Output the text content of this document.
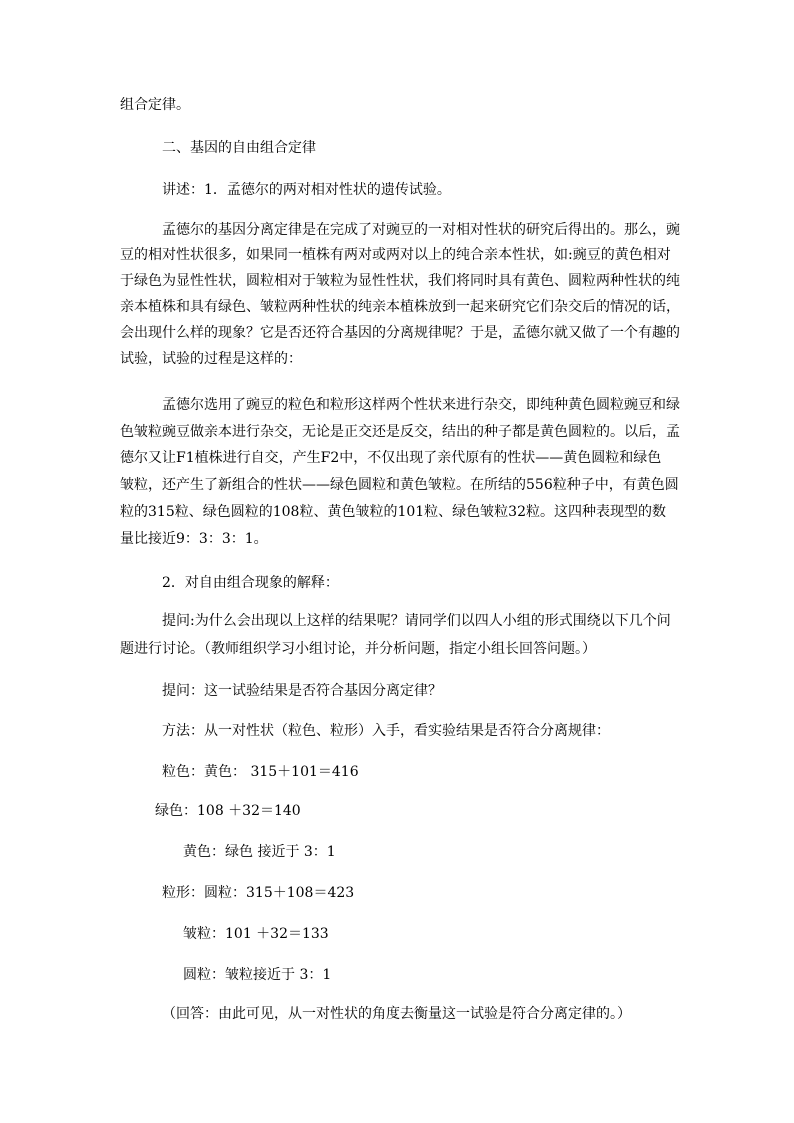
组合定律。
二、基因的自由组合定律
讲述：1．孟德尔的两对相对性状的遗传试验。
孟德尔的基因分离定律是在完成了对豌豆的一对相对性状的研究后得出的。那么，豌
豆的相对性状很多，如果同一植株有两对或两对以上的纯合亲本性状，如:豌豆的黄色相对
于绿色为显性性状，圆粒相对于皱粒为显性性状，我们将同时具有黄色、圆粒两种性状的纯
亲本植株和具有绿色、皱粒两种性状的纯亲本植株放到一起来研究它们杂交后的情况的话，
会出现什么样的现象？它是否还符合基因的分离规律呢？于是，孟德尔就又做了一个有趣的
试验，试验的过程是这样的：
孟德尔选用了豌豆的粒色和粒形这样两个性状来进行杂交，即纯种黄色圆粒豌豆和绿
色皱粒豌豆做亲本进行杂交，无论是正交还是反交，结出的种子都是黄色圆粒的。以后，孟
德尔又让F1植株进行自交，产生F2中，不仅出现了亲代原有的性状——黄色圆粒和绿色
皱粒，还产生了新组合的性状——绿色圆粒和黄色皱粒。在所结的556粒种子中，有黄色圆
粒的315粒、绿色圆粒的108粒、黄色皱粒的101粒、绿色皱粒32粒。这四种表现型的数
量比接近9：3：3：1。
2．对自由组合现象的解释：
提问:为什么会出现以上这样的结果呢？请同学们以四人小组的形式围绕以下几个问
题进行讨论。（教师组织学习小组讨论，并分析问题，指定小组长回答问题。）
提问：这一试验结果是否符合基因分离定律？
方法：从一对性状（粒色、粒形）入手，看实验结果是否符合分离规律：
粒色：黄色： 315＋101＝416
绿色：108 ＋32＝140
黄色：绿色 接近于 3：1
粒形：圆粒：315＋108＝423
皱粒：101 ＋32＝133
圆粒：皱粒接近于 3：1
（回答：由此可见，从一对性状的角度去衡量这一试验是符合分离定律的。）
